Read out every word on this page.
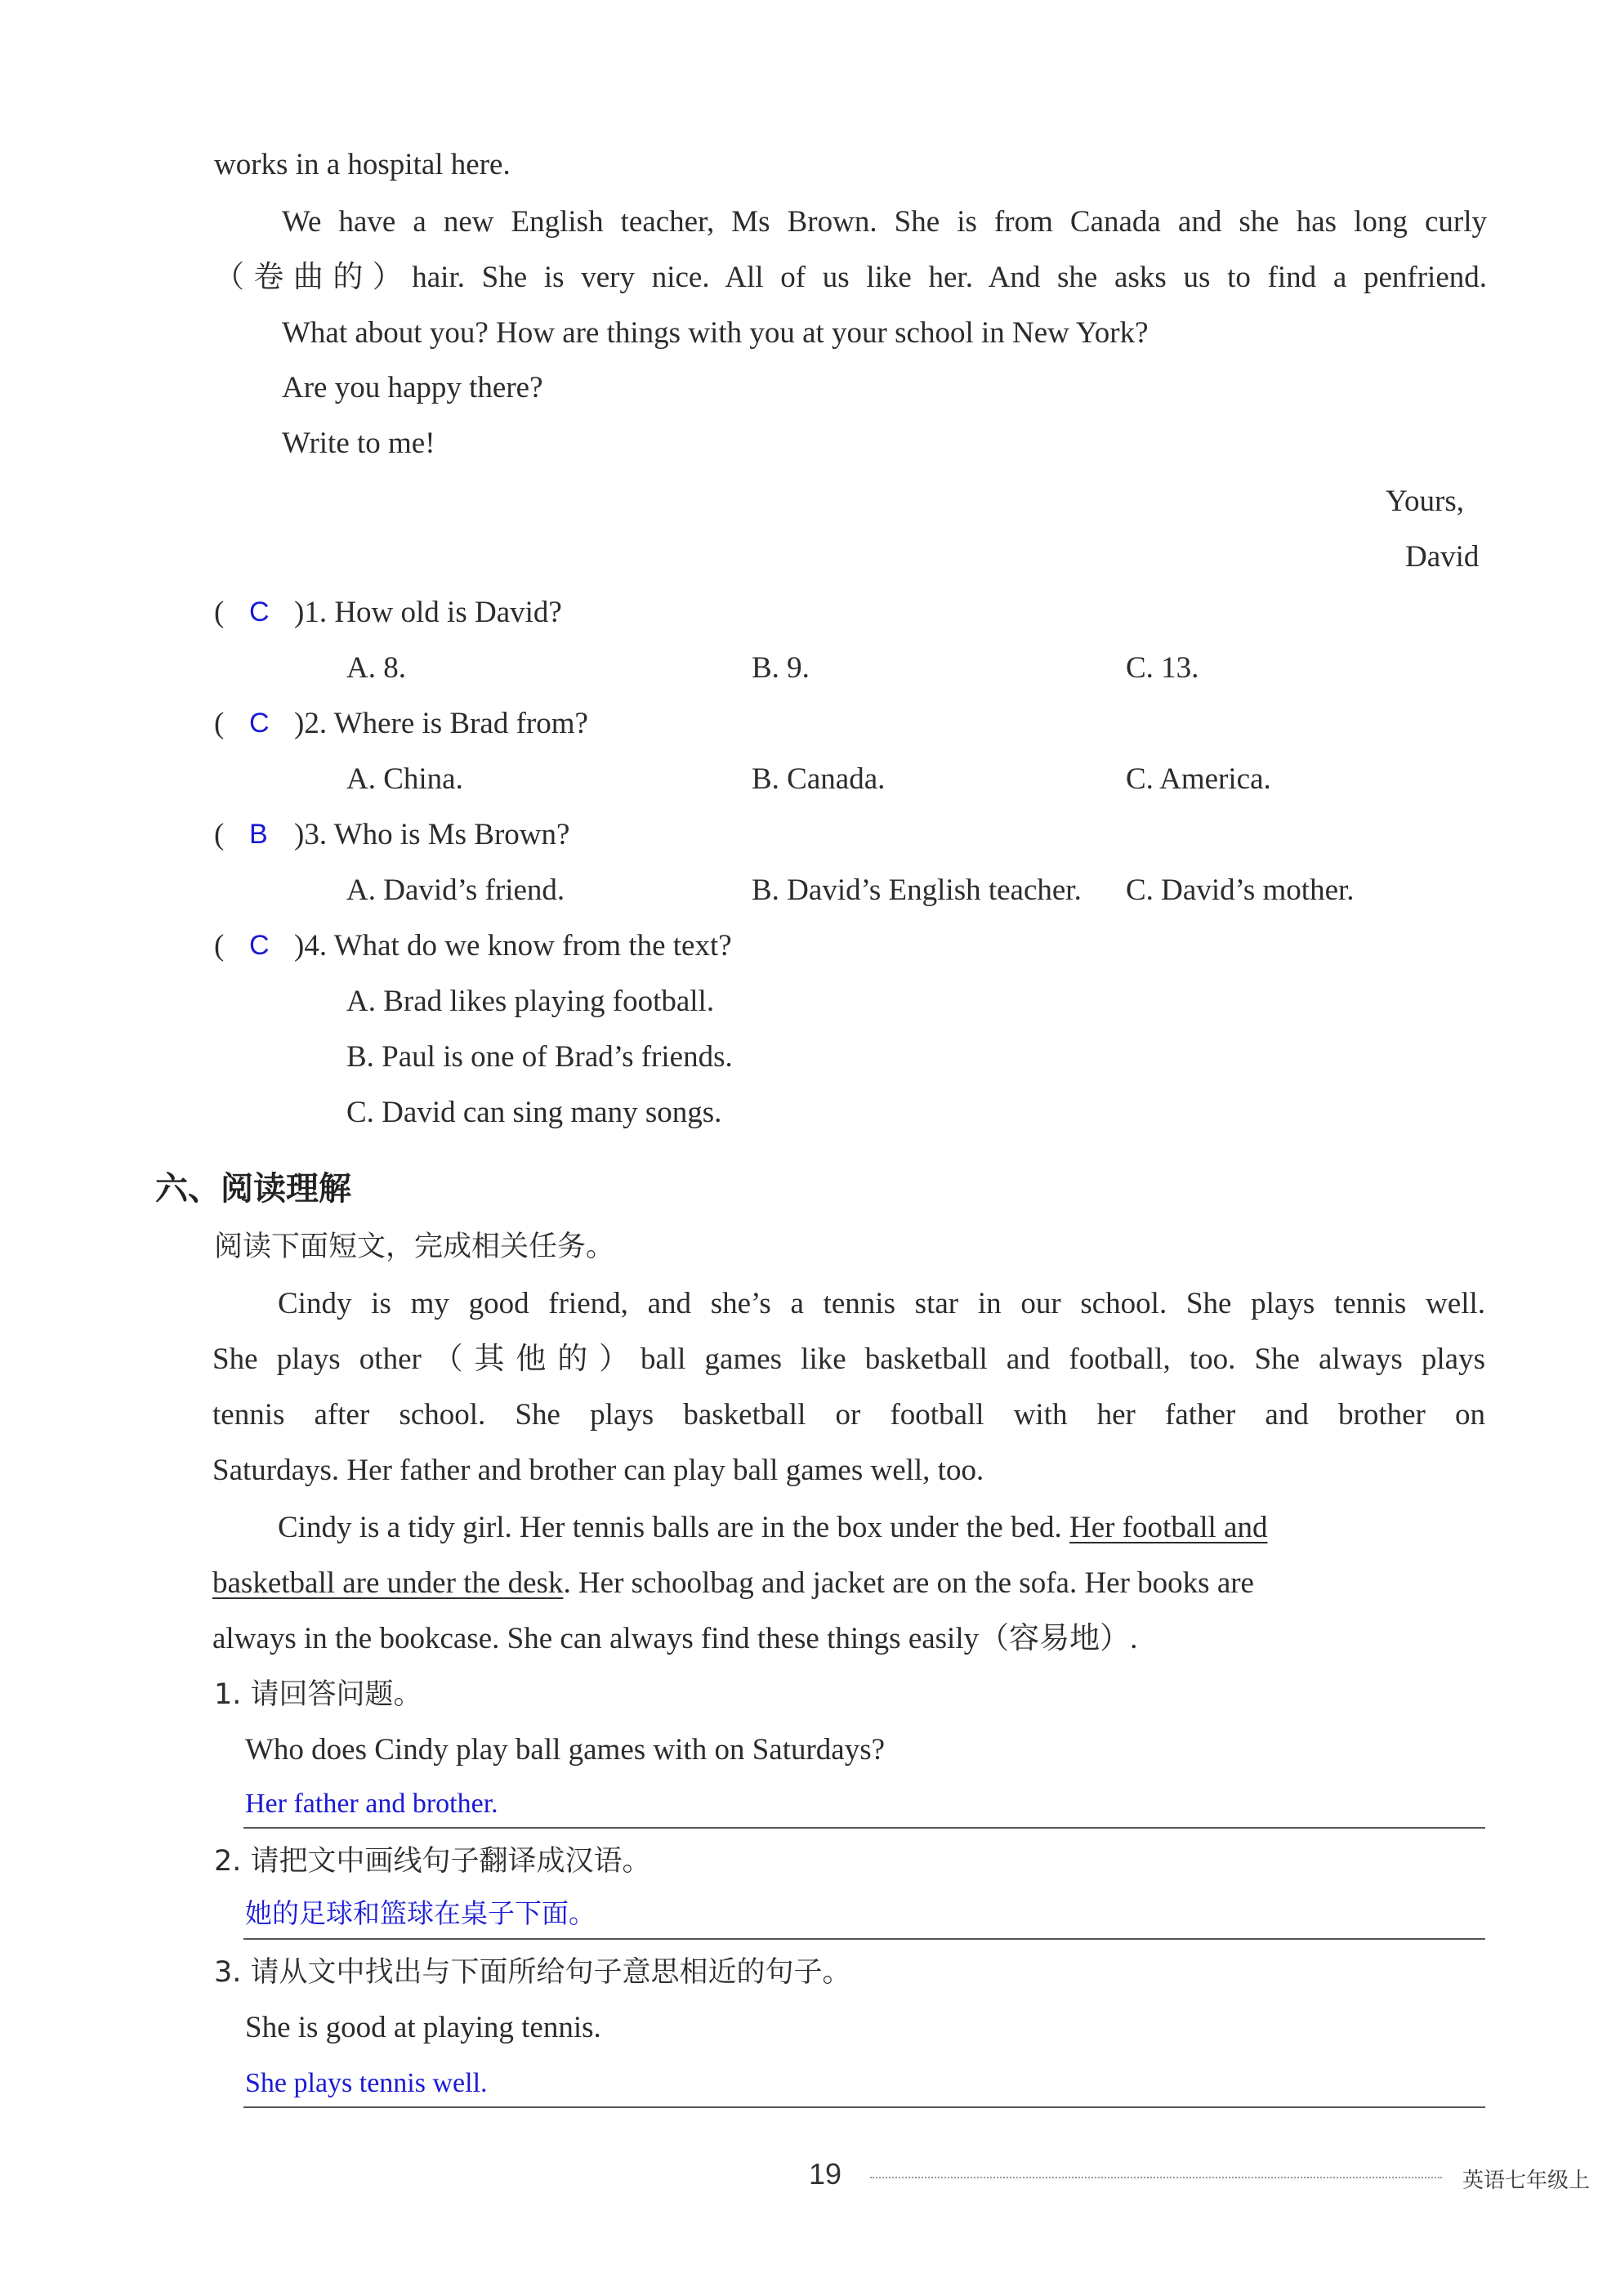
works in a hospital here.
We have a new English teacher, Ms Brown. She is from Canada and she has long curly
（卷曲的）hair. She is very nice. All of us like her. And she asks us to find a penfriend.
What about you? How are things with you at your school in New York?
Are you happy there?
Write to me!
Yours,
David
( C )1. How old is David?
A. 8.	B. 9.	C. 13.
( C )2. Where is Brad from?
A. China.	B. Canada.	C. America.
( B )3. Who is Ms Brown?
A. David’s friend.	B. David’s English teacher. C. David’s mother.
( C )4. What do we know from the text?
A. Brad likes playing football.
B. Paul is one of Brad’s friends.
C. David can sing many songs.
六、阅读理解
阅读下面短文，完成相关任务。
Cindy is my good friend, and she’s a tennis star in our school. She plays tennis well.
She plays other（其他的）ball games like basketball and football, too. She always plays
tennis after school. She plays basketball or football with her father and brother on
Saturdays. Her father and brother can play ball games well, too.
Cindy is a tidy girl. Her tennis balls are in the box under the bed. Her football and
basketball are under the desk. Her schoolbag and jacket are on the sofa. Her books are
always in the bookcase. She can always find these things easily（容易地）.
1. 请回答问题。
Who does Cindy play ball games with on Saturdays?
Her father and brother.
2. 请把文中画线句子翻译成汉语。
她的足球和篮球在桌子下面。
3. 请从文中找出与下面所给句子意思相近的句子。
She is good at playing tennis.
She plays tennis well.
19	英语七年级上
